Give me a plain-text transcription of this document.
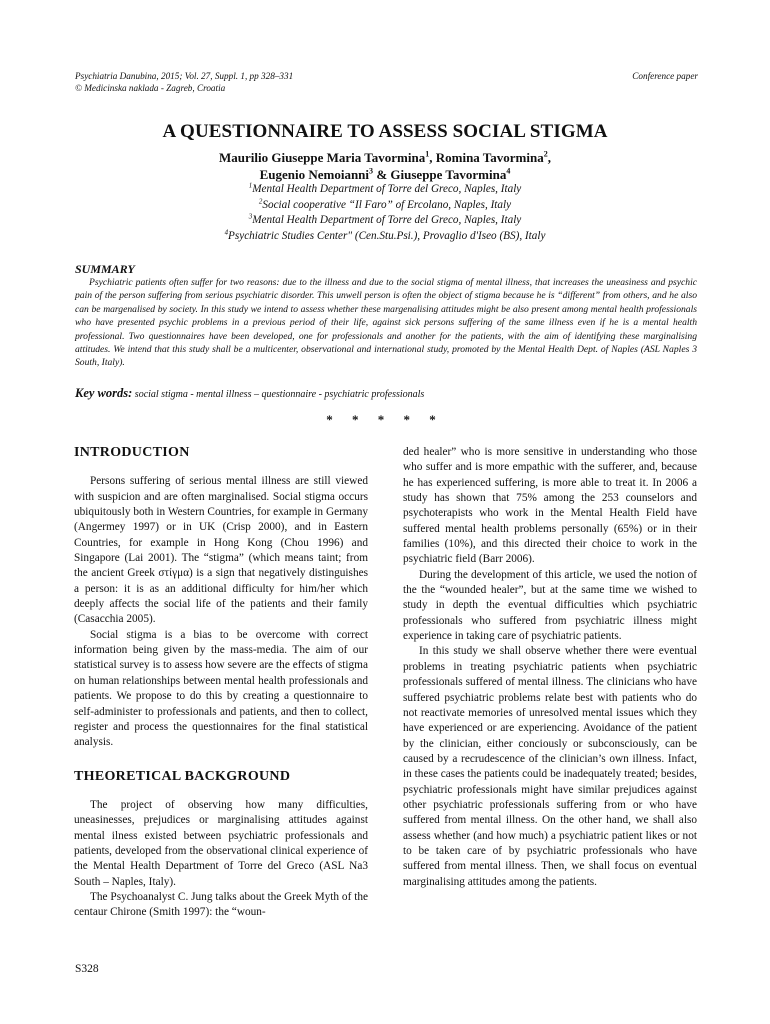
Psychiatria Danubina, 2015; Vol. 27, Suppl. 1, pp 328–331
© Medicinska naklada - Zagreb, Croatia
Conference paper
A QUESTIONNAIRE TO ASSESS SOCIAL STIGMA
Maurilio Giuseppe Maria Tavormina$^1$, Romina Tavormina$^2$,
Eugenio Nemoianni$^3$ & Giuseppe Tavormina$^4$
$^1$Mental Health Department of Torre del Greco, Naples, Italy
$^2$Social cooperative “Il Faro” of Ercolano, Naples, Italy
$^3$Mental Health Department of Torre del Greco, Naples, Italy
$^4$Psychiatric Studies Center" (Cen.Stu.Psi.), Provaglio d'Iseo (BS), Italy
SUMMARY
Psychiatric patients often suffer for two reasons: due to the illness and due to the social stigma of mental illness, that increases the uneasiness and psychic pain of the person suffering from serious psychiatric disorder. This unwell person is often the object of stigma because he is “different” from others, and he also can be margenalised by society. In this study we intend to assess whether these margenalising attitudes might be also present among mental health professionals who have presented psychic problems in a previous period of their life, against sick persons suffering of the same illness even if he is a mental health professional. Two questionnaires have been developed, one for professionals and another for the patients, with the aim of identifying these marginalising attitudes. We intend that this study shall be a multicenter, observational and international study, promoted by the Mental Health Dept. of Naples (ASL Naples 3 South, Italy).
Key words: social stigma - mental illness – questionnaire - psychiatric professionals
* * * * *
INTRODUCTION

Persons suffering of serious mental illness are still viewed with suspicion and are often marginalised. Social stigma occurs ubiquitously both in Western Countries, for example in Germany (Angermey 1997) or in UK (Crisp 2000), and in Eastern Countries, for example in Hong Kong (Chou 1996) and Singapore (Lai 2001). The “stigma” (which means taint; from the ancient Greek στίγμα) is a sign that negatively distinguishes a person: it is as an additional difficulty for him/her which deeply affects the social life of the patients and their family (Casacchia 2005).

Social stigma is a bias to be overcome with correct information being given by the mass-media. The aim of our statistical survey is to assess how severe are the effects of stigma on human relationships between mental health professionals and patients. We propose to do this by creating a questionnaire to self-administer to professionals and patients, and then to collect, register and process the questionnaires for the final statistical analysis.

THEORETICAL BACKGROUND

The project of observing how many difficulties, uneasinesses, prejudices or marginalising attitudes against mental ilness existed between psychiatric professionals and patients, developed from the observational clinical experience of the Mental Health Department of Torre del Greco (ASL Na3 South – Naples, Italy).

The Psychoanalyst C. Jung talks about the Greek Myth of the centaur Chirone (Smith 1997): the “woun-

ded healer” who is more sensitive in understanding who those who suffer and is more empathic with the sufferer, and, because he has experienced suffering, is more able to treat it. In 2006 a study has shown that 75% among the 253 counselors and psychoterapists who work in the Mental Health Field have suffered mental health problems personally (65%) or in their families (10%), and this directed their choice to work in the psychiatric field (Barr 2006).

During the development of this article, we used the notion of the the “wounded healer”, but at the same time we wished to study in depth the eventual difficulties which psychiatric professionals who suffered from psychiatric illness might experience in taking care of psychiatric patients.

In this study we shall observe whether there were eventual problems in treating psychiatric patients when psychiatric professionals suffered of mental illness. The clinicians who have suffered psychiatric problems relate best with patients who do not reactivate memories of unresolved mental issues which they have experienced or are experiencing. Avoidance of the patient by the clinician, either conciously or subconsciously, can be caused by a recrudescence of the clinician’s own illness. Infact, in these cases the patients could be inadequately treated; besides, psychiatric professionals might have similar prejudices against other psychiatric professionals suffering from or who have suffered from mental illness. On the other hand, we shall also assess whether (and how much) a psychiatric patient likes or not to be taken care of by psychiatric professionals who have suffered from mental illness. Then, we shall focus on eventual marginalising attitudes among the patients.

S328
